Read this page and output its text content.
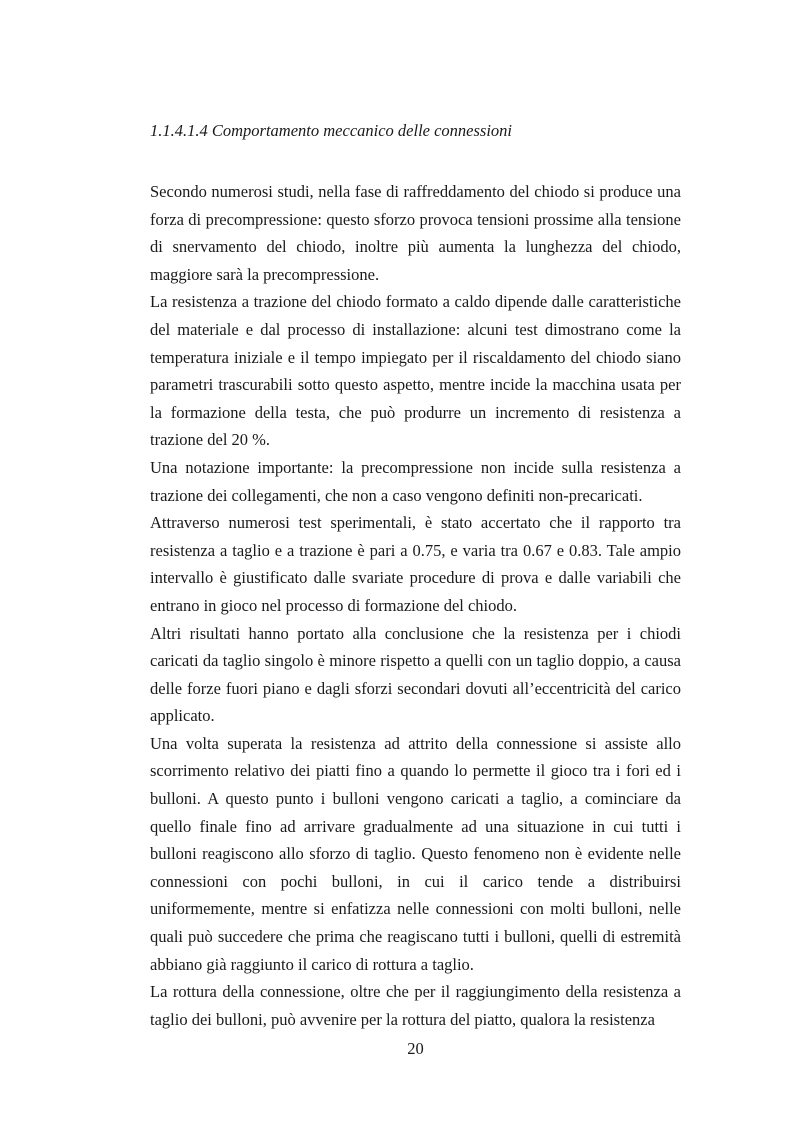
1.1.4.1.4 Comportamento meccanico delle connessioni

Secondo numerosi studi, nella fase di raffreddamento del chiodo si produce una forza di precompressione: questo sforzo provoca tensioni prossime alla tensione di snervamento del chiodo, inoltre più aumenta la lunghezza del chiodo, maggiore sarà la precompressione.

La resistenza a trazione del chiodo formato a caldo dipende dalle caratteristiche del materiale e dal processo di installazione: alcuni test dimostrano come la temperatura iniziale e il tempo impiegato per il riscaldamento del chiodo siano parametri trascurabili sotto questo aspetto, mentre incide la macchina usata per la formazione della testa, che può produrre un incremento di resistenza a trazione del 20 %.

Una notazione importante: la precompressione non incide sulla resistenza a trazione dei collegamenti, che non a caso vengono definiti non-precaricati.

Attraverso numerosi test sperimentali, è stato accertato che il rapporto tra resistenza a taglio e a trazione è pari a 0.75, e varia tra 0.67 e 0.83. Tale ampio intervallo è giustificato dalle svariate procedure di prova e dalle variabili che entrano in gioco nel processo di formazione del chiodo.

Altri risultati hanno portato alla conclusione che la resistenza per i chiodi caricati da taglio singolo è minore rispetto a quelli con un taglio doppio, a causa delle forze fuori piano e dagli sforzi secondari dovuti all’eccentricità del carico applicato.

Una volta superata la resistenza ad attrito della connessione si assiste allo scorrimento relativo dei piatti fino a quando lo permette il gioco tra i fori ed i bulloni. A questo punto i bulloni vengono caricati a taglio, a cominciare da quello finale fino ad arrivare gradualmente ad una situazione in cui tutti i bulloni reagiscono allo sforzo di taglio. Questo fenomeno non è evidente nelle connessioni con pochi bulloni, in cui il carico tende a distribuirsi uniformemente, mentre si enfatizza nelle connessioni con molti bulloni, nelle quali può succedere che prima che reagiscano tutti i bulloni, quelli di estremità abbiano già raggiunto il carico di rottura a taglio.

La rottura della connessione, oltre che per il raggiungimento della resistenza a taglio dei bulloni, può avvenire per la rottura del piatto, qualora la resistenza

20
